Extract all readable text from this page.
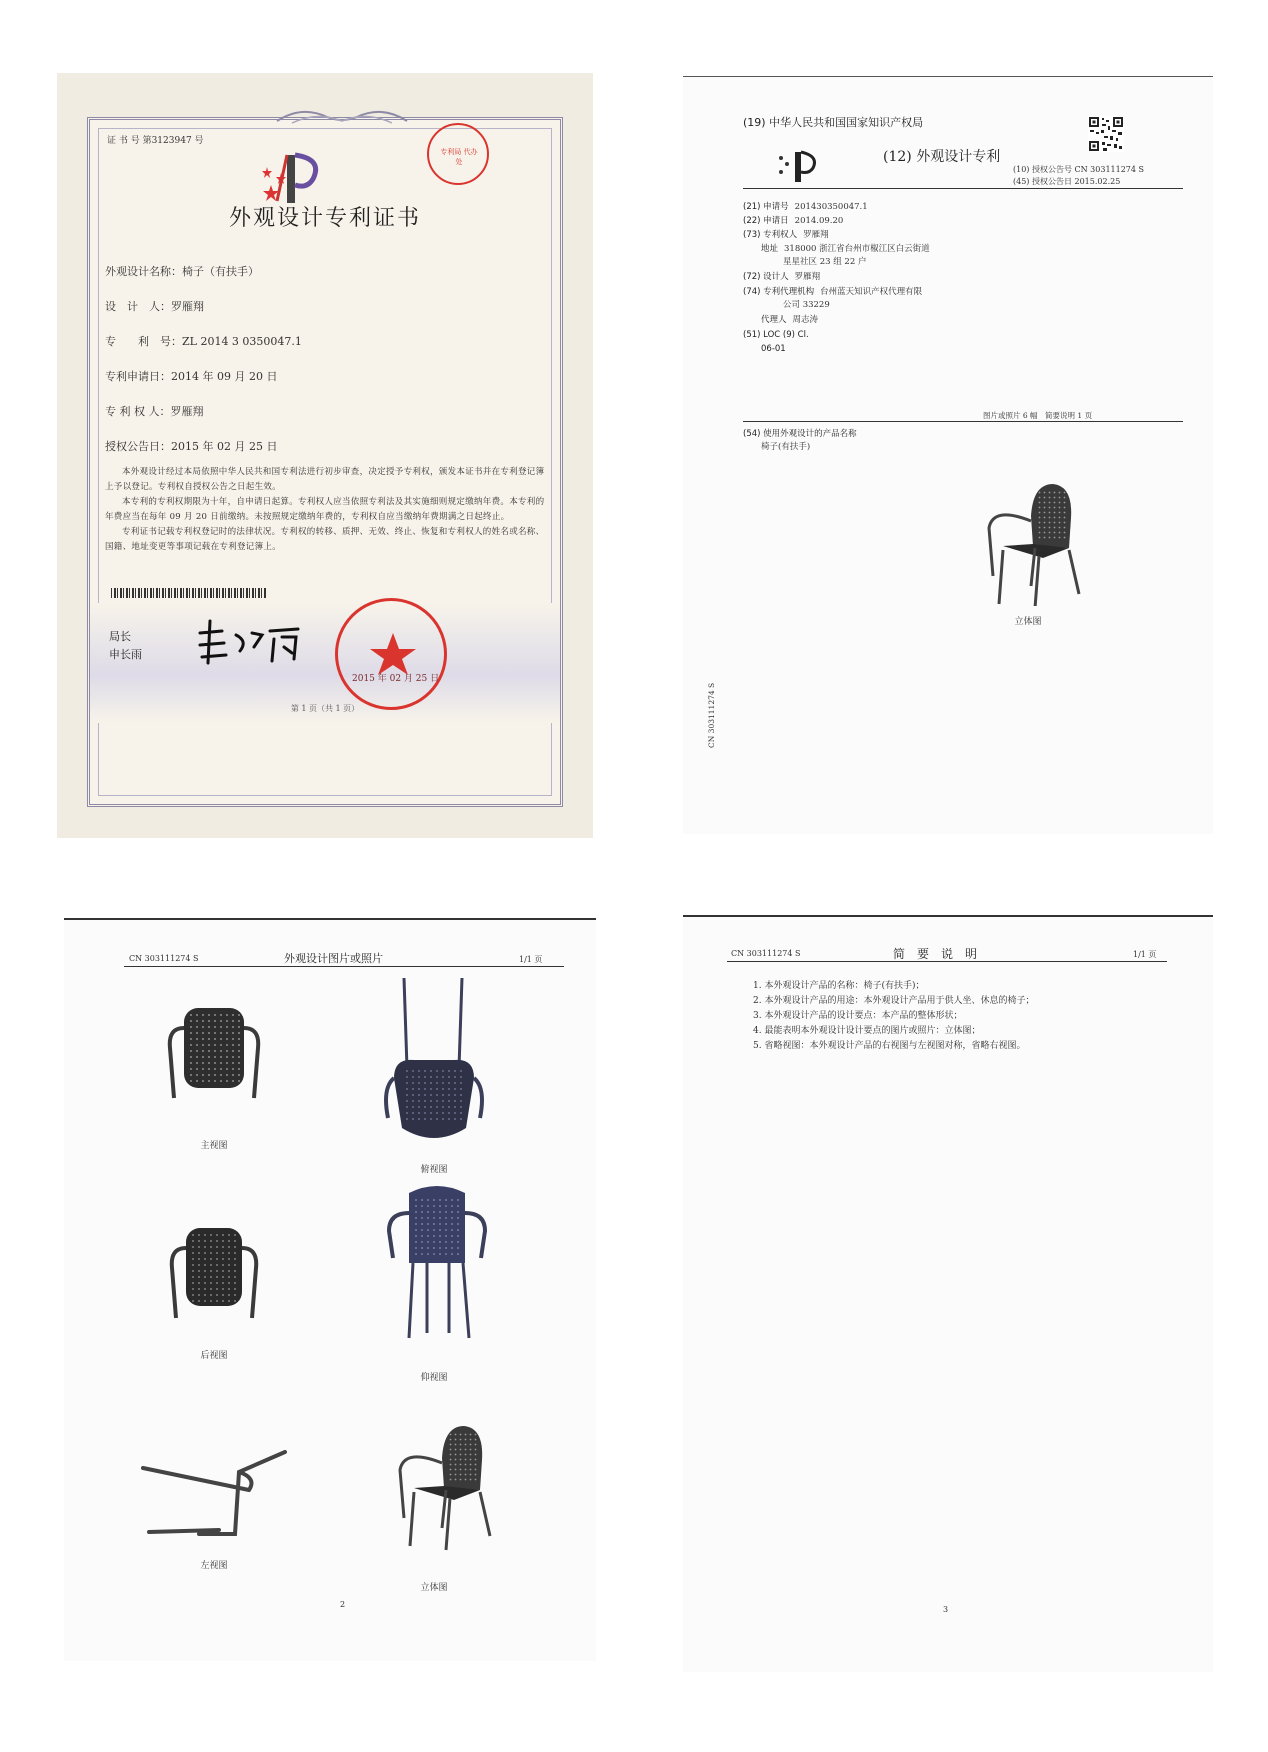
证 书 号 第3123947 号
专利局 代办处
外观设计专利证书
外观设计名称：椅子（有扶手）
设　计　人：罗雁翔
专　　利　号：ZL 2014 3 0350047.1
专利申请日：2014 年 09 月 20 日
专 利 权 人：罗雁翔
授权公告日：2015 年 02 月 25 日

本外观设计经过本局依照中华人民共和国专利法进行初步审查，决定授予专利权，颁发本证书并在专利登记簿上予以登记。专利权自授权公告之日起生效。

本专利的专利权期限为十年，自申请日起算。专利权人应当依照专利法及其实施细则规定缴纳年费。本专利的年费应当在每年 09 月 20 日前缴纳。未按照规定缴纳年费的，专利权自应当缴纳年费期满之日起终止。

专利证书记载专利权登记时的法律状况。专利权的转移、质押、无效、终止、恢复和专利权人的姓名或名称、国籍、地址变更等事项记载在专利登记簿上。

局长
申长雨
2015 年 02 月 25 日
第 1 页（共 1 页）
(19) 中华人民共和国国家知识产权局
(12) 外观设计专利
(10) 授权公告号 CN 303111274 S
(45) 授权公告日 2015.02.25
(21) 申请号 201430350047.1
(22) 申请日 2014.09.20
(73) 专利权人 罗雁翔
地址 318000 浙江省台州市椒江区白云街道
星星社区 23 组 22 户
(72) 设计人 罗雁翔
(74) 专利代理机构 台州蓝天知识产权代理有限
公司 33229
代理人 周志涛
(51) LOC (9) Cl.
06-01
图片或照片 6 幅　简要说明 1 页
(54) 使用外观设计的产品名称
椅子(有扶手)
立体图
CN 303111274 S
CN 303111274 S	外观设计图片或照片	1/1 页
主视图
俯视图
后视图
仰视图
左视图
立体图
2
CN 303111274 S	简　要　说　明	1/1 页
1. 本外观设计产品的名称：椅子(有扶手)；
2. 本外观设计产品的用途：本外观设计产品用于供人坐、休息的椅子；
3. 本外观设计产品的设计要点：本产品的整体形状；
4. 最能表明本外观设计设计要点的图片或照片：立体图；
5. 省略视图：本外观设计产品的右视图与左视图对称，省略右视图。
3
